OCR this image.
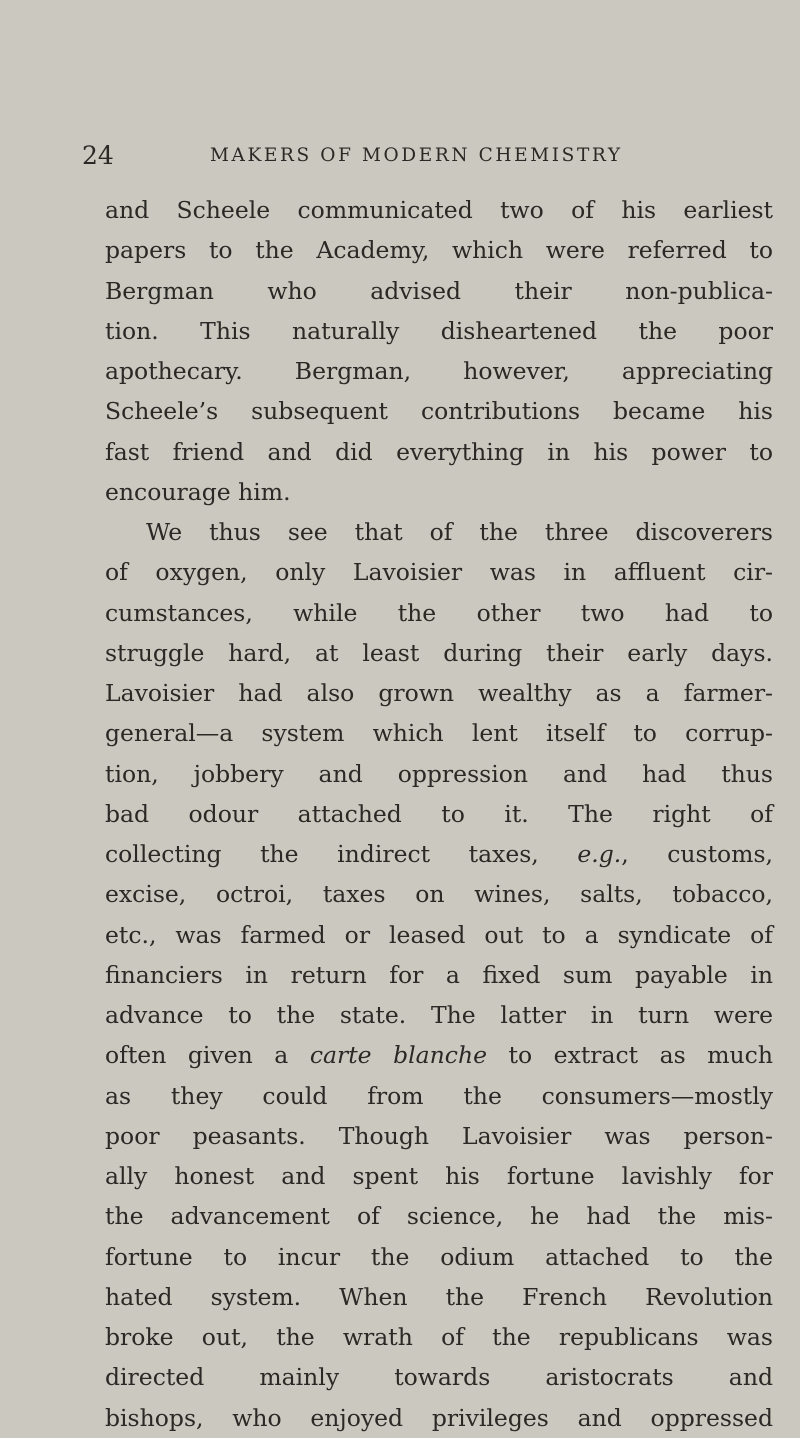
24	MAKERS OF MODERN CHEMISTRY
and Scheele communicated two of his earliest
papers to the Academy, which were referred to
Bergman who advised their non-publica-
tion. This naturally disheartened the poor
apothecary. Bergman, however, appreciating
Scheele’s subsequent contributions became his
fast friend and did everything in his power to
encourage him.
We thus see that of the three discoverers
of oxygen, only Lavoisier was in affluent cir-
cumstances, while the other two had to
struggle hard, at least during their early days.
Lavoisier had also grown wealthy as a farmer-
general—a system which lent itself to corrup-
tion, jobbery and oppression and had thus
bad odour attached to it. The right of
collecting the indirect taxes, e.g., customs,
excise, octroi, taxes on wines, salts, tobacco,
etc., was farmed or leased out to a syndicate of
financiers in return for a fixed sum payable in
advance to the state. The latter in turn were
often given a carte blanche to extract as much
as they could from the consumers—mostly
poor peasants. Though Lavoisier was person-
ally honest and spent his fortune lavishly for
the advancement of science, he had the mis-
fortune to incur the odium attached to the
hated system. When the French Revolution
broke out, the wrath of the republicans was
directed mainly towards aristocrats and
bishops, who enjoyed privileges and oppressed
